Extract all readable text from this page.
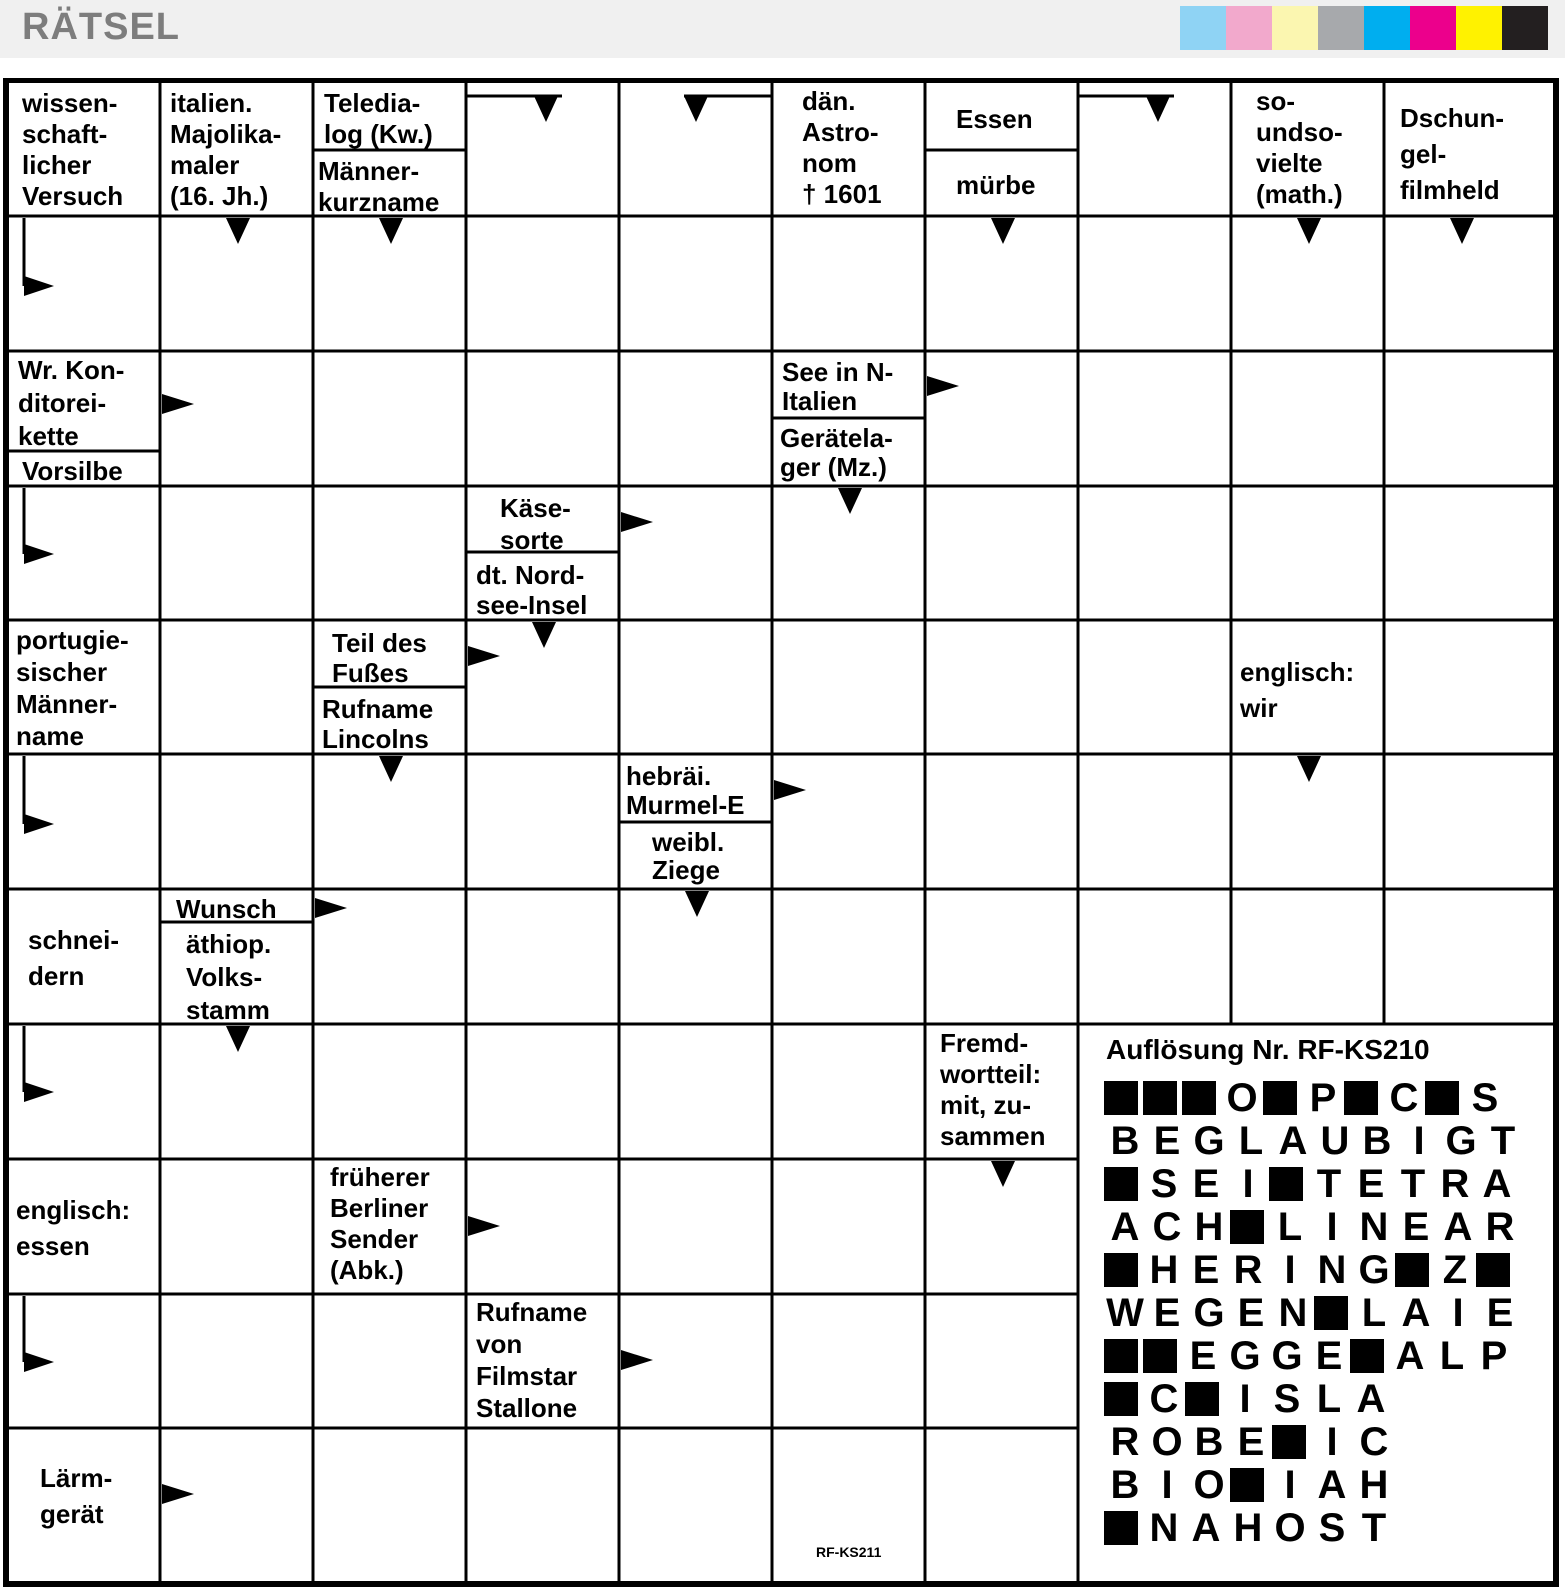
RÄTSEL
wissen-
schaft-
licher
Versuch
italien.
Majolika-
maler
(16. Jh.)
Teledia-
log (Kw.)
Männer-
kurzname
dän.
Astro-
nom
† 1601
Essen
mürbe
so-
undso-
vielte
(math.)
Dschun-
gel-
filmheld
Wr. Kon-
ditorei-
kette
Vorsilbe
See in N-
Italien
Gerätela-
ger (Mz.)
Käse-
sorte
dt. Nord-
see-Insel
portugie-
sischer
Männer-
name
Teil des
Fußes
Rufname
Lincolns
englisch:
wir
hebräi.
Murmel-E
weibl.
Ziege
schnei-
dern
Wunsch
äthiop.
Volks-
stamm
Fremd-
wortteil:
mit, zu-
sammen
englisch:
essen
früherer
Berliner
Sender
(Abk.)
Rufname
von
Filmstar
Stallone
Lärm-
gerät
Auflösung Nr. RF-KS210
O P C S
B E G L A U B I G T
S E I T E T R A
A C H L I N E A R
H E R I N G Z
W E G E N L A I E
E G G E A L P
C I S L A
R O B E I C
B I O I A H
N A H O S T
RF-KS211
